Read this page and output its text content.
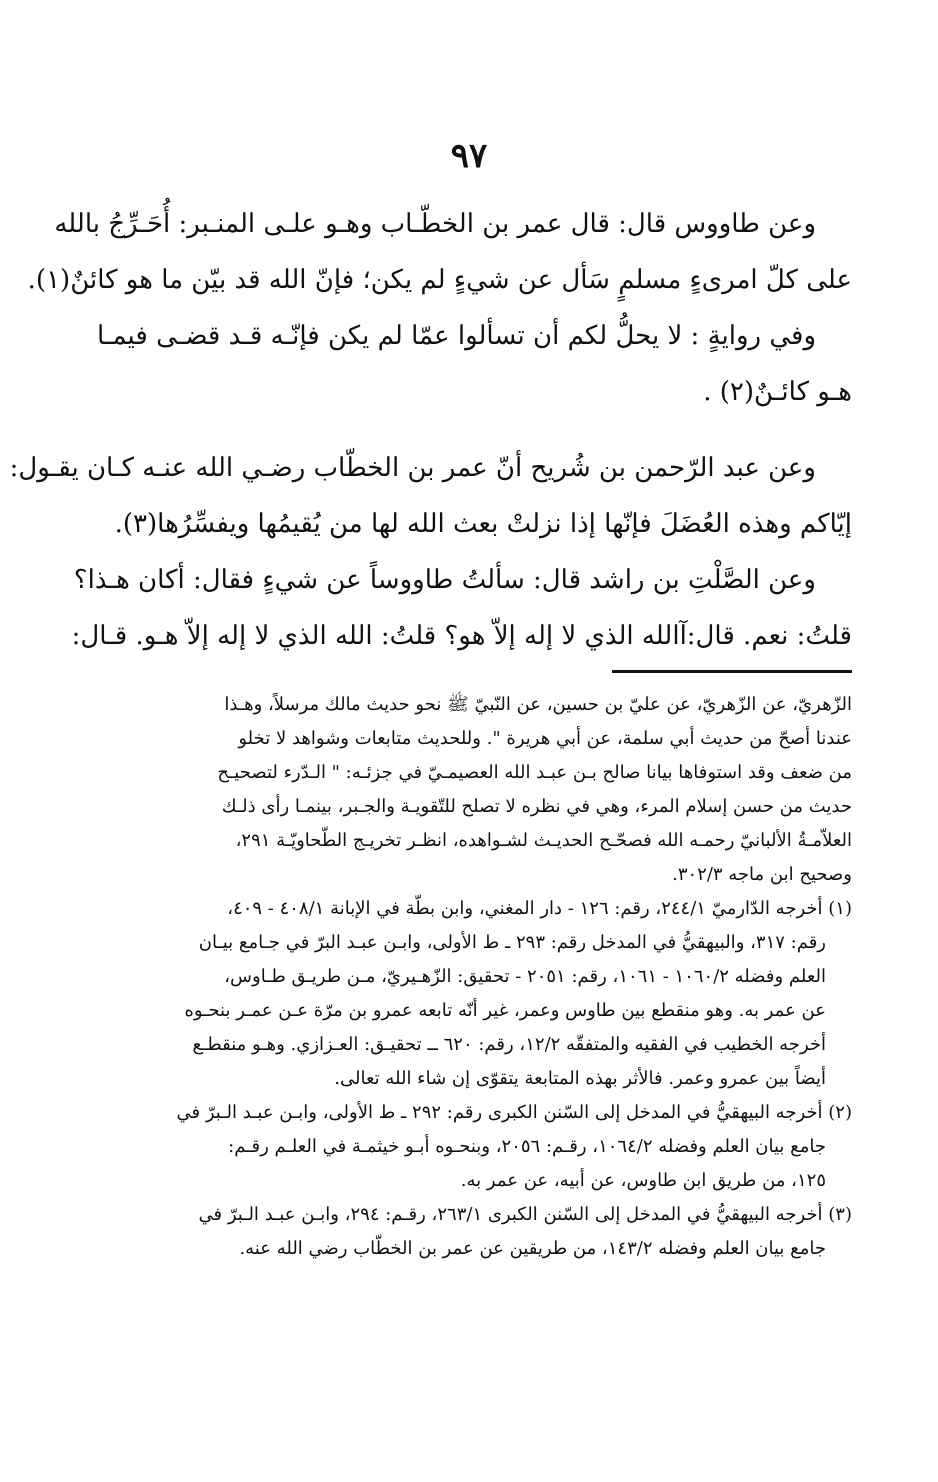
٩٧

وعن طاووس قال: قال عمر بن الخطّـاب وهـو علـى المنـبر: أُحَـرِّجُ بالله
على كلّ امرىءٍ مسلمٍ سَأل عن شيءٍ لم يكن؛ فإنّ الله قد بيّن ما هو كائنٌ(١).

وفي روايةٍ : لا يحلُّ لكم أن تسألوا عمّا لم يكن فإنّـه قـد قضـى فيمـا
هـو كائـنٌ(٢) .

وعن عبد الرّحمن بن شُريح أنّ عمر بن الخطّاب رضـي الله عنـه كـان يقـول:
إيّاكم وهذه العُضَلَ فإنّها إذا نزلتْ بعث الله لها من يُقيمُها ويفسِّرُها(٣).

وعن الصَّلْتِ بن راشد قال: سألتُ طاووساً عن شيءٍ فقال: أكان هـذا؟
قلتُ: نعم. قال:آالله الذي لا إله إلاّ هو؟ قلتُ: الله الذي لا إله إلاّ هـو. قـال:

الزّهريّ، عن الزّهريّ، عن عليّ بن حسين، عن النّبيّ ﷺ نحو حديث مالك مرسلاً، وهـذا
عندنا أصحّ من حديث أبي سلمة، عن أبي هريرة ". وللحديث متابعات وشواهد لا تخلو
من ضعف وقد استوفاها بيانا صالح بـن عبـد الله العصيمـيّ في جزئـه: " الـدّرء لتصحيـح
حديث من حسن إسلام المرء، وهي في نظره لا تصلح للتّقويـة والجـبر، بينمـا رأى ذلـك
العلاّمـةُ الألبانيّ رحمـه الله فصحّـح الحديـث لشـواهده، انظـر تخريـج الطّحاويّـة ٢٩١،
وصحيح ابن ماجه ٣٠٢/٣.

(١) أخرجه الدّارميّ ٢٤٤/١، رقم: ١٢٦ - دار المغني، وابن بطّة في الإبانة ٤٠٨/١ - ٤٠٩،
رقم: ٣١٧، والبيهقيُّ في المدخل رقم: ٢٩٣ ـ ط الأولى، وابـن عبـد البرّ في جـامع بيـان
العلم وفضله ١٠٦٠/٢ - ١٠٦١، رقم: ٢٠٥١ - تحقيق: الزّهـيريّ، مـن طريـق طـاوس،
عن عمر به. وهو منقطع بين طاوس وعمر، غير أنّه تابعه عمرو بن مرّة عـن عمـر بنحـوه
أخرجه الخطيب في الفقيه والمتفقّه ١٢/٢، رقم: ٦٢٠ ــ تحقيـق: العـزازي. وهـو منقطـع
أيضاً بين عمرو وعمر. فالأثر بهذه المتابعة يتقوّى إن شاء الله تعالى.

(٢) أخرجه البيهقيُّ في المدخل إلى السّنن الكبرى رقم: ٢٩٢ ـ ط الأولى، وابـن عبـد الـبرّ في
جامع بيان العلم وفضله ١٠٦٤/٢، رقـم: ٢٠٥٦، وبنحـوه أبـو خيثمـة في العلـم رقـم:
١٢٥، من طريق ابن طاوس، عن أبيه، عن عمر به.

(٣) أخرجه البيهقيُّ في المدخل إلى السّنن الكبرى ٢٦٣/١، رقـم: ٢٩٤، وابـن عبـد الـبرّ في
جامع بيان العلم وفضله ١٤٣/٢، من طريقين عن عمر بن الخطّاب رضي الله عنه.
